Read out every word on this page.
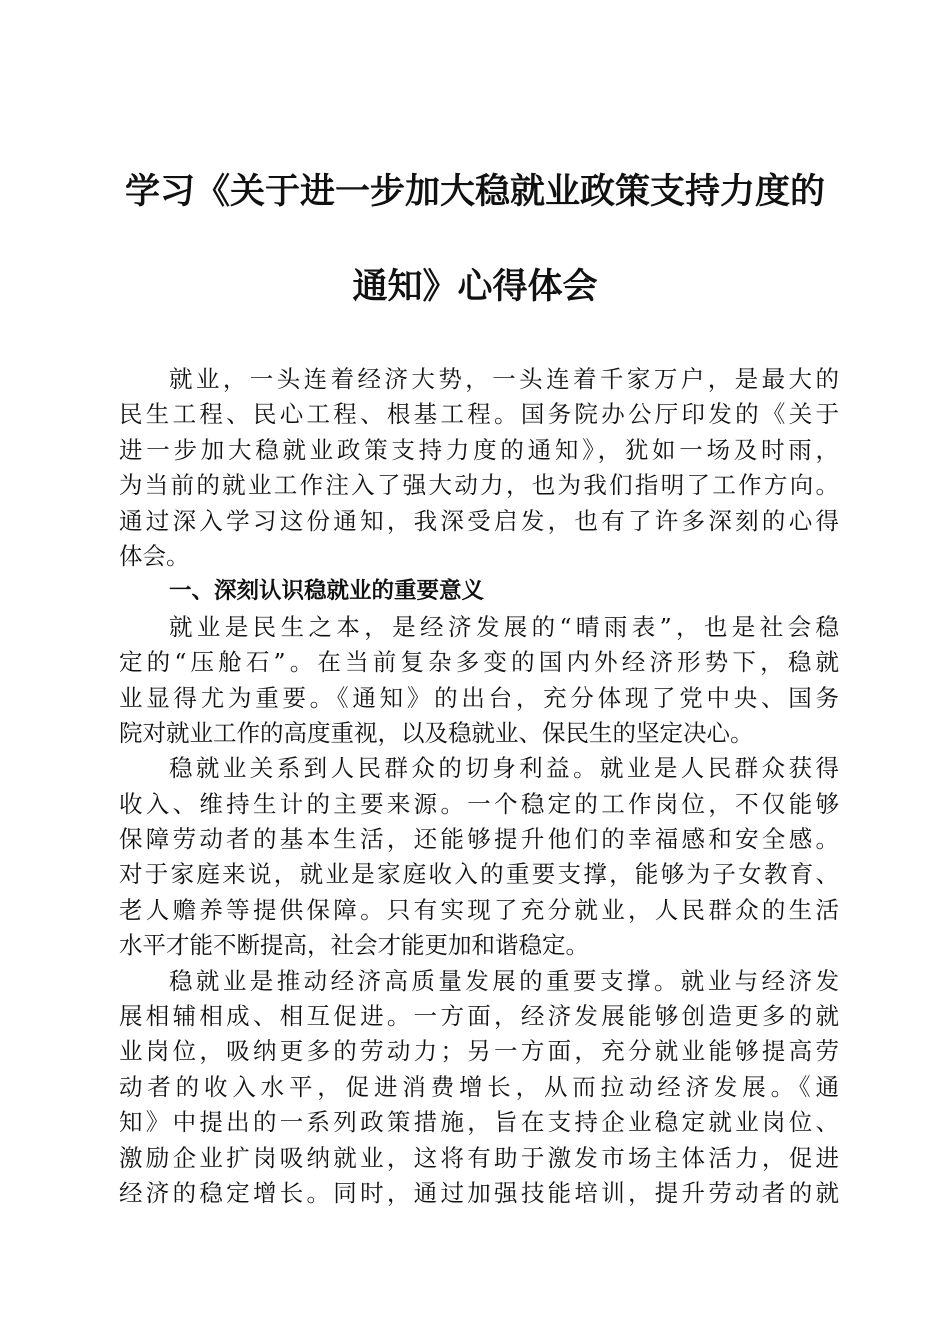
学习《关于进一步加大稳就业政策支持力度的
通知》心得体会
就业，一头连着经济大势，一头连着千家万户，是最大的
民生工程、民心工程、根基工程。国务院办公厅印发的《关于
进一步加大稳就业政策支持力度的通知》，犹如一场及时雨，
为当前的就业工作注入了强大动力，也为我们指明了工作方向。
通过深入学习这份通知，我深受启发，也有了许多深刻的心得
体会。
一、深刻认识稳就业的重要意义
就业是民生之本，是经济发展的“晴雨表”，也是社会稳
定的“压舱石”。在当前复杂多变的国内外经济形势下，稳就
业显得尤为重要。《通知》的出台，充分体现了党中央、国务
院对就业工作的高度重视，以及稳就业、保民生的坚定决心。
稳就业关系到人民群众的切身利益。就业是人民群众获得
收入、维持生计的主要来源。一个稳定的工作岗位，不仅能够
保障劳动者的基本生活，还能够提升他们的幸福感和安全感。
对于家庭来说，就业是家庭收入的重要支撑，能够为子女教育、
老人赡养等提供保障。只有实现了充分就业，人民群众的生活
水平才能不断提高，社会才能更加和谐稳定。
稳就业是推动经济高质量发展的重要支撑。就业与经济发
展相辅相成、相互促进。一方面，经济发展能够创造更多的就
业岗位，吸纳更多的劳动力；另一方面，充分就业能够提高劳
动者的收入水平，促进消费增长，从而拉动经济发展。《通
知》中提出的一系列政策措施，旨在支持企业稳定就业岗位、
激励企业扩岗吸纳就业，这将有助于激发市场主体活力，促进
经济的稳定增长。同时，通过加强技能培训，提升劳动者的就
